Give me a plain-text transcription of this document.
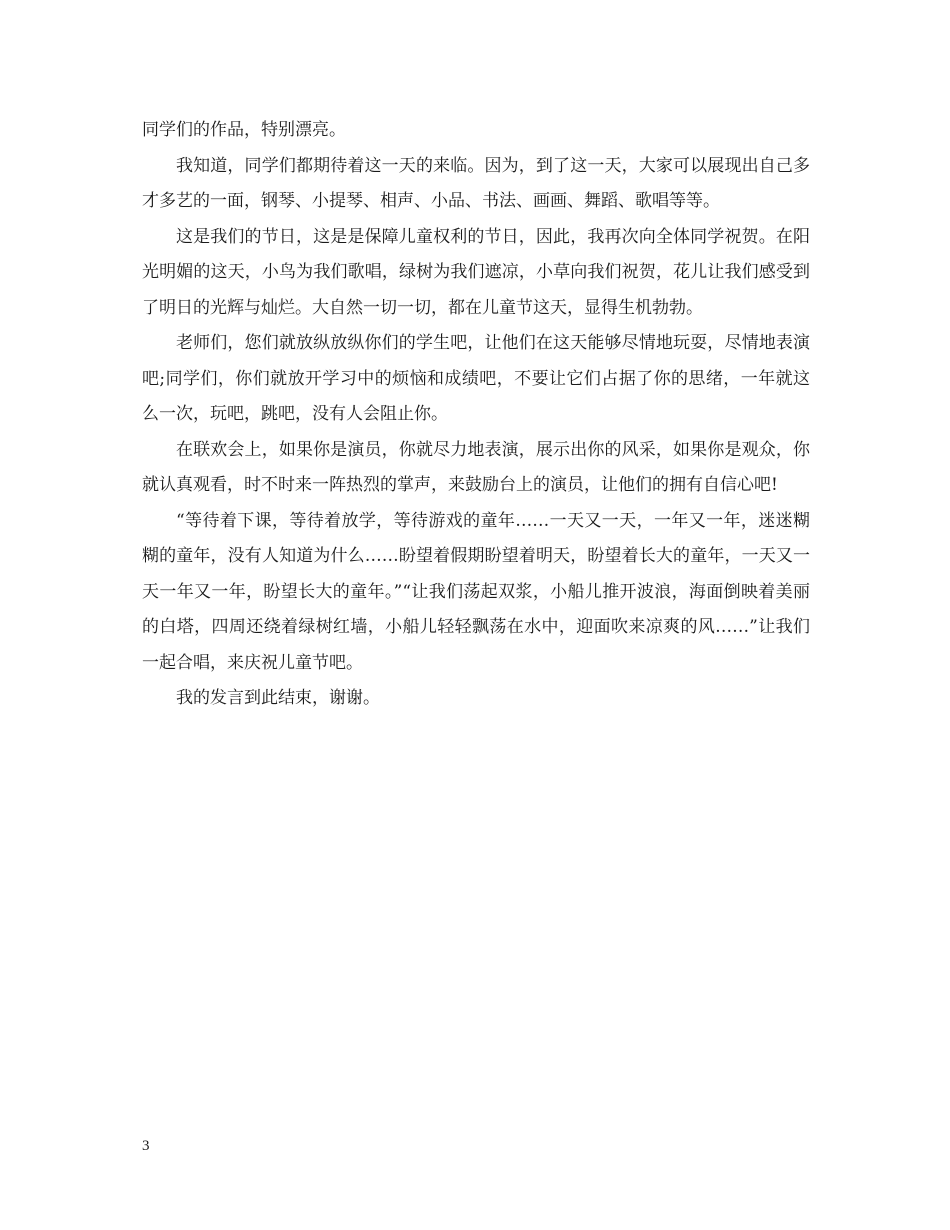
同学们的作品，特别漂亮。

我知道，同学们都期待着这一天的来临。因为，到了这一天，大家可以展现出自己多才多艺的一面，钢琴、小提琴、相声、小品、书法、画画、舞蹈、歌唱等等。

这是我们的节日，这是是保障儿童权利的节日，因此，我再次向全体同学祝贺。在阳光明媚的这天，小鸟为我们歌唱，绿树为我们遮凉，小草向我们祝贺，花儿让我们感受到了明日的光辉与灿烂。大自然一切一切，都在儿童节这天，显得生机勃勃。

老师们，您们就放纵放纵你们的学生吧，让他们在这天能够尽情地玩耍，尽情地表演吧;同学们，你们就放开学习中的烦恼和成绩吧，不要让它们占据了你的思绪，一年就这么一次，玩吧，跳吧，没有人会阻止你。

在联欢会上，如果你是演员，你就尽力地表演，展示出你的风采，如果你是观众，你就认真观看，时不时来一阵热烈的掌声，来鼓励台上的演员，让他们的拥有自信心吧!

“等待着下课，等待着放学，等待游戏的童年……一天又一天，一年又一年，迷迷糊糊的童年，没有人知道为什么……盼望着假期盼望着明天，盼望着长大的童年，一天又一天一年又一年，盼望长大的童年。”“让我们荡起双浆，小船儿推开波浪，海面倒映着美丽的白塔，四周还绕着绿树红墙，小船儿轻轻飘荡在水中，迎面吹来凉爽的风……”让我们一起合唱，来庆祝儿童节吧。

我的发言到此结束，谢谢。

3
